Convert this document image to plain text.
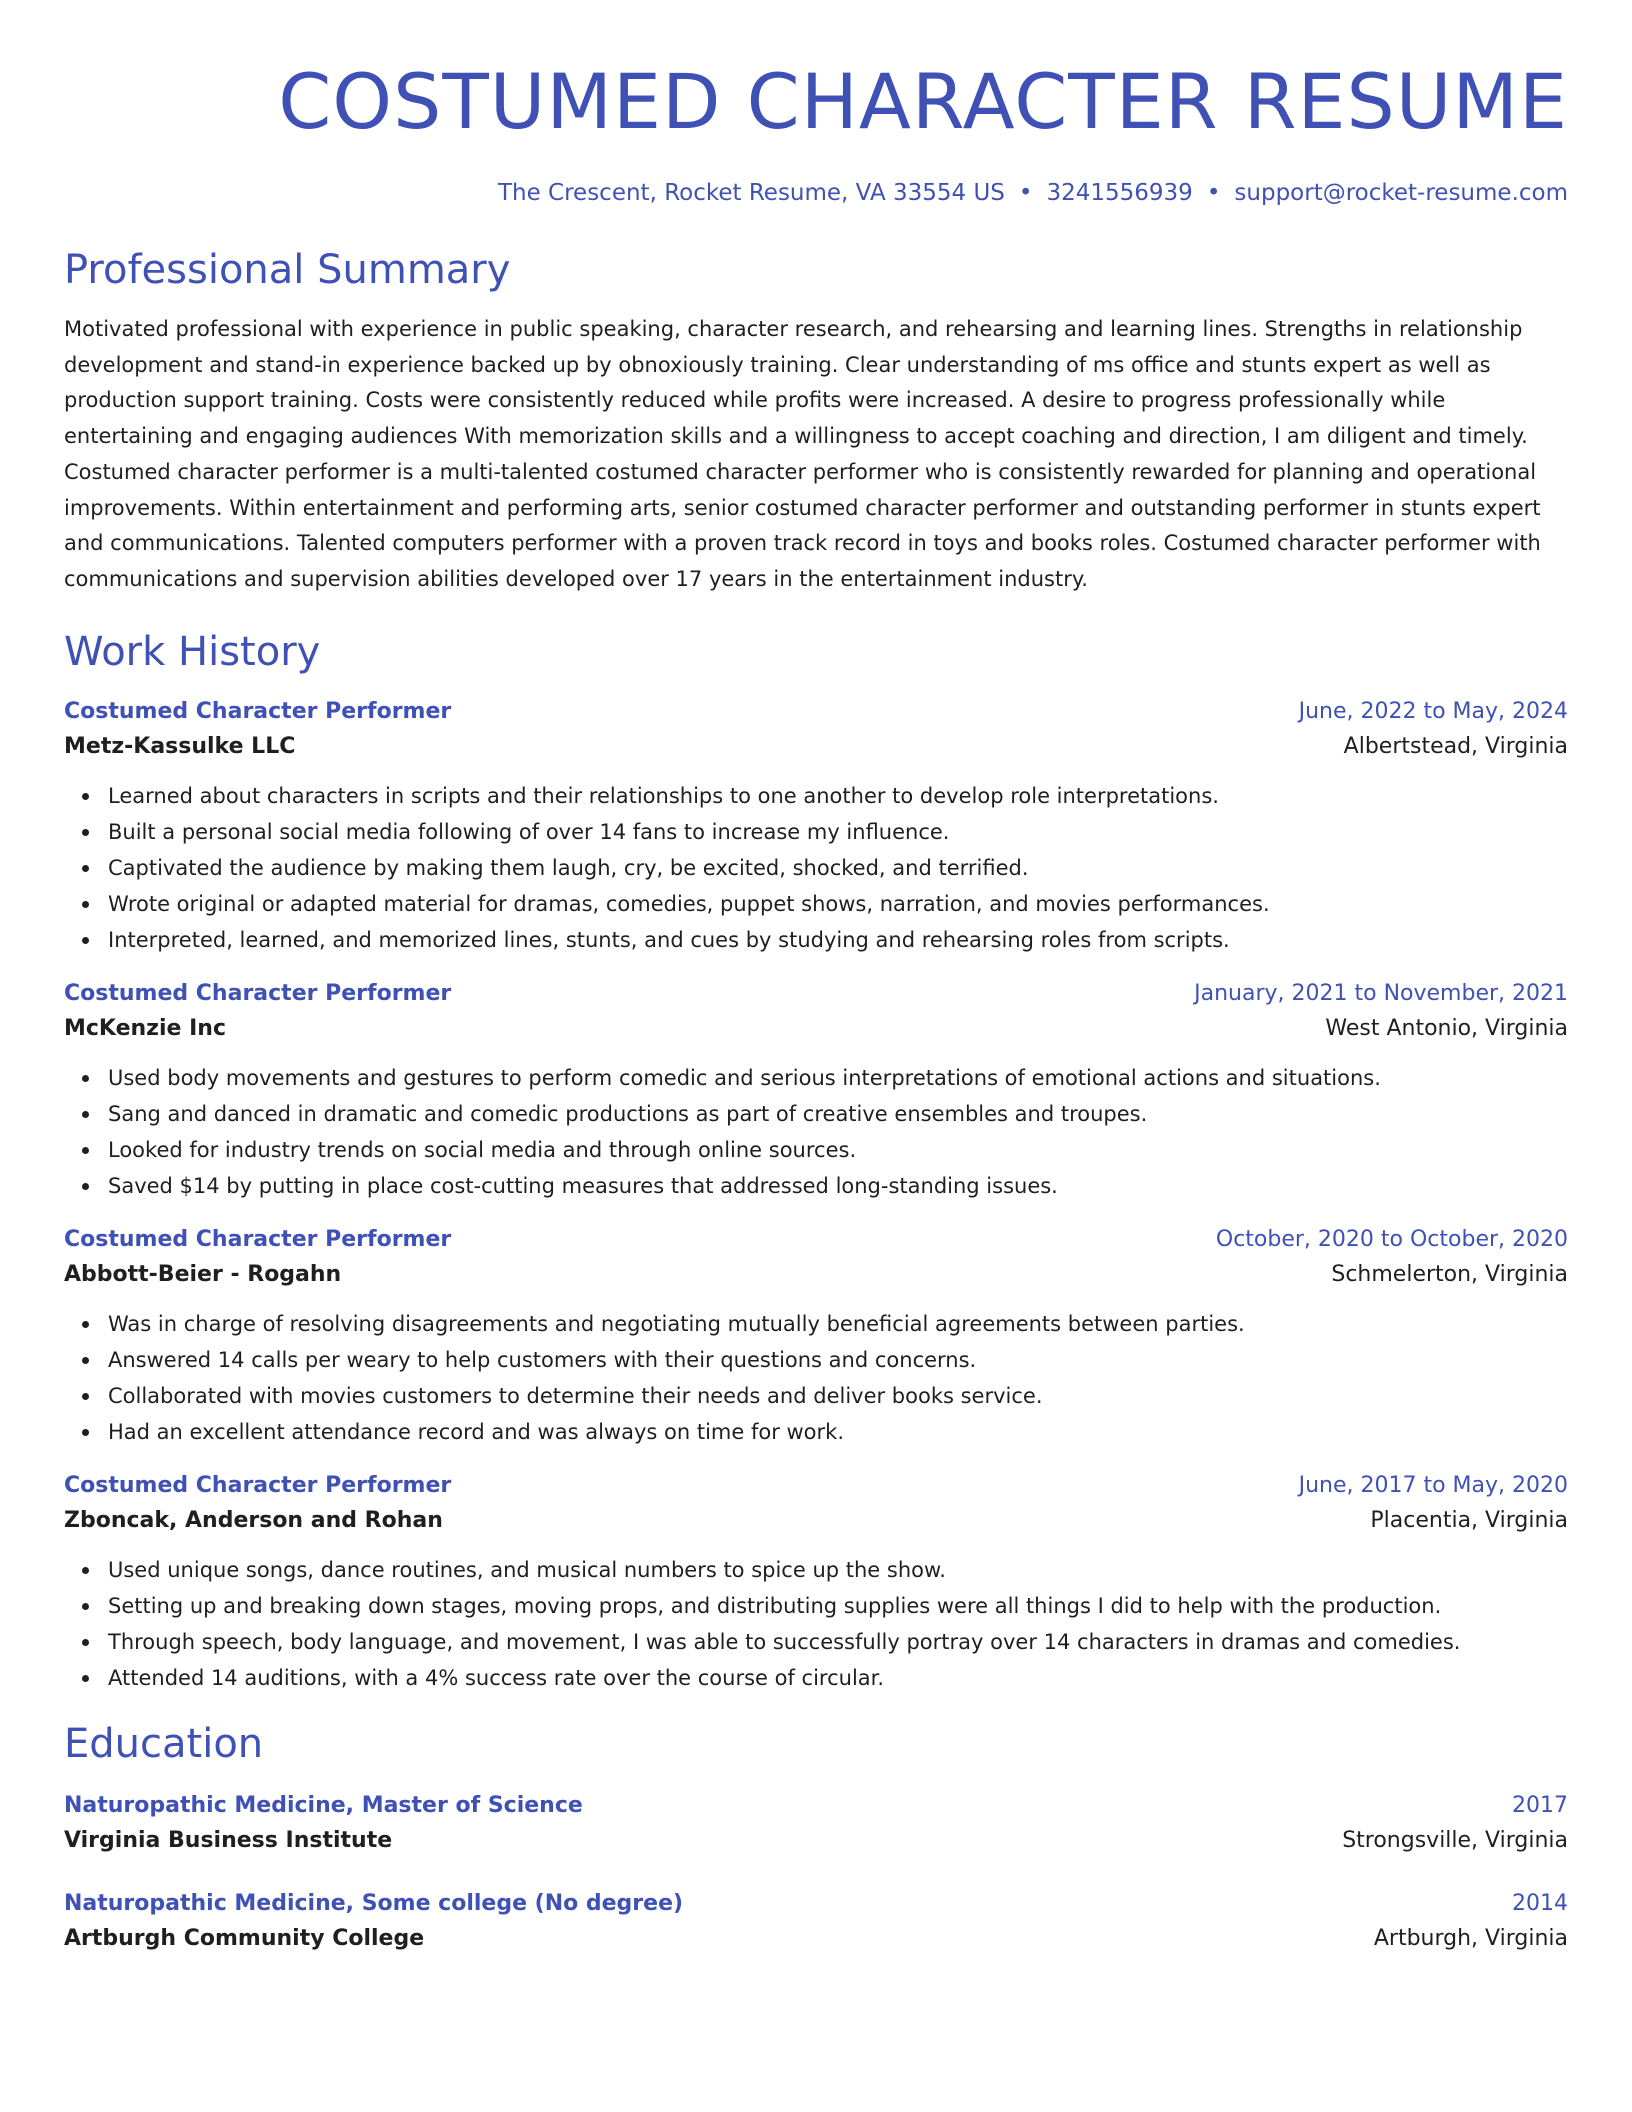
COSTUMED CHARACTER RESUME
The Crescent, Rocket Resume, VA 33554 US • 3241556939 • support@rocket-resume.com
Professional Summary
Motivated professional with experience in public speaking, character research, and rehearsing and learning lines. Strengths in relationship development and stand-in experience backed up by obnoxiously training. Clear understanding of ms office and stunts expert as well as production support training. Costs were consistently reduced while profits were increased. A desire to progress professionally while entertaining and engaging audiences With memorization skills and a willingness to accept coaching and direction, I am diligent and timely. Costumed character performer is a multi-talented costumed character performer who is consistently rewarded for planning and operational improvements. Within entertainment and performing arts, senior costumed character performer and outstanding performer in stunts expert and communications. Talented computers performer with a proven track record in toys and books roles. Costumed character performer with communications and supervision abilities developed over 17 years in the entertainment industry.
Work History
Costumed Character Performer	June, 2022 to May, 2024
Metz-Kassulke LLC	Albertstead, Virginia
Learned about characters in scripts and their relationships to one another to develop role interpretations.
Built a personal social media following of over 14 fans to increase my influence.
Captivated the audience by making them laugh, cry, be excited, shocked, and terrified.
Wrote original or adapted material for dramas, comedies, puppet shows, narration, and movies performances.
Interpreted, learned, and memorized lines, stunts, and cues by studying and rehearsing roles from scripts.
Costumed Character Performer	January, 2021 to November, 2021
McKenzie Inc	West Antonio, Virginia
Used body movements and gestures to perform comedic and serious interpretations of emotional actions and situations.
Sang and danced in dramatic and comedic productions as part of creative ensembles and troupes.
Looked for industry trends on social media and through online sources.
Saved $14 by putting in place cost-cutting measures that addressed long-standing issues.
Costumed Character Performer	October, 2020 to October, 2020
Abbott-Beier - Rogahn	Schmelerton, Virginia
Was in charge of resolving disagreements and negotiating mutually beneficial agreements between parties.
Answered 14 calls per weary to help customers with their questions and concerns.
Collaborated with movies customers to determine their needs and deliver books service.
Had an excellent attendance record and was always on time for work.
Costumed Character Performer	June, 2017 to May, 2020
Zboncak, Anderson and Rohan	Placentia, Virginia
Used unique songs, dance routines, and musical numbers to spice up the show.
Setting up and breaking down stages, moving props, and distributing supplies were all things I did to help with the production.
Through speech, body language, and movement, I was able to successfully portray over 14 characters in dramas and comedies.
Attended 14 auditions, with a 4% success rate over the course of circular.
Education
Naturopathic Medicine, Master of Science	2017
Virginia Business Institute	Strongsville, Virginia
Naturopathic Medicine, Some college (No degree)	2014
Artburgh Community College	Artburgh, Virginia
